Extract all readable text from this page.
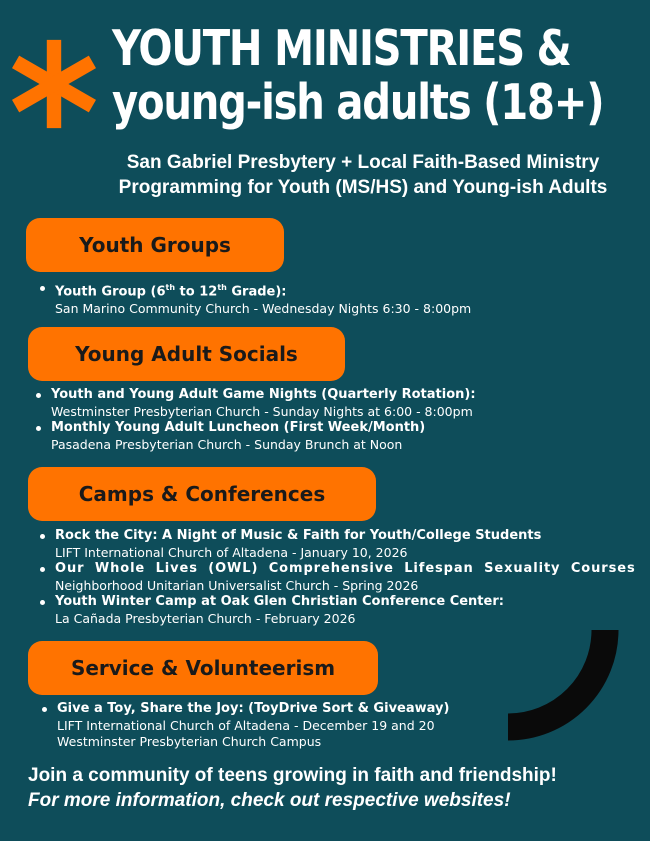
YOUTH MINISTRIES &
young-ish adults (18+)
San Gabriel Presbytery + Local Faith-Based Ministry
Programming for Youth (MS/HS) and Young-ish Adults
Youth Groups
Youth Group (6th to 12th Grade):
San Marino Community Church - Wednesday Nights 6:30 - 8:00pm
Young Adult Socials
Youth and Young Adult Game Nights (Quarterly Rotation):
Westminster Presbyterian Church - Sunday Nights at 6:00 - 8:00pm
Monthly Young Adult Luncheon (First Week/Month)
Pasadena Presbyterian Church - Sunday Brunch at Noon
Camps & Conferences
Rock the City: A Night of Music & Faith for Youth/College Students
LIFT International Church of Altadena - January 10, 2026
Our Whole Lives (OWL) Comprehensive Lifespan Sexuality Courses
Neighborhood Unitarian Universalist Church - Spring 2026
Youth Winter Camp at Oak Glen Christian Conference Center:
La Cañada Presbyterian Church - February 2026
Service & Volunteerism
Give a Toy, Share the Joy: (ToyDrive Sort & Giveaway)
LIFT International Church of Altadena - December 19 and 20
Westminster Presbyterian Church Campus
Join a community of teens growing in faith and friendship!
For more information, check out respective websites!
